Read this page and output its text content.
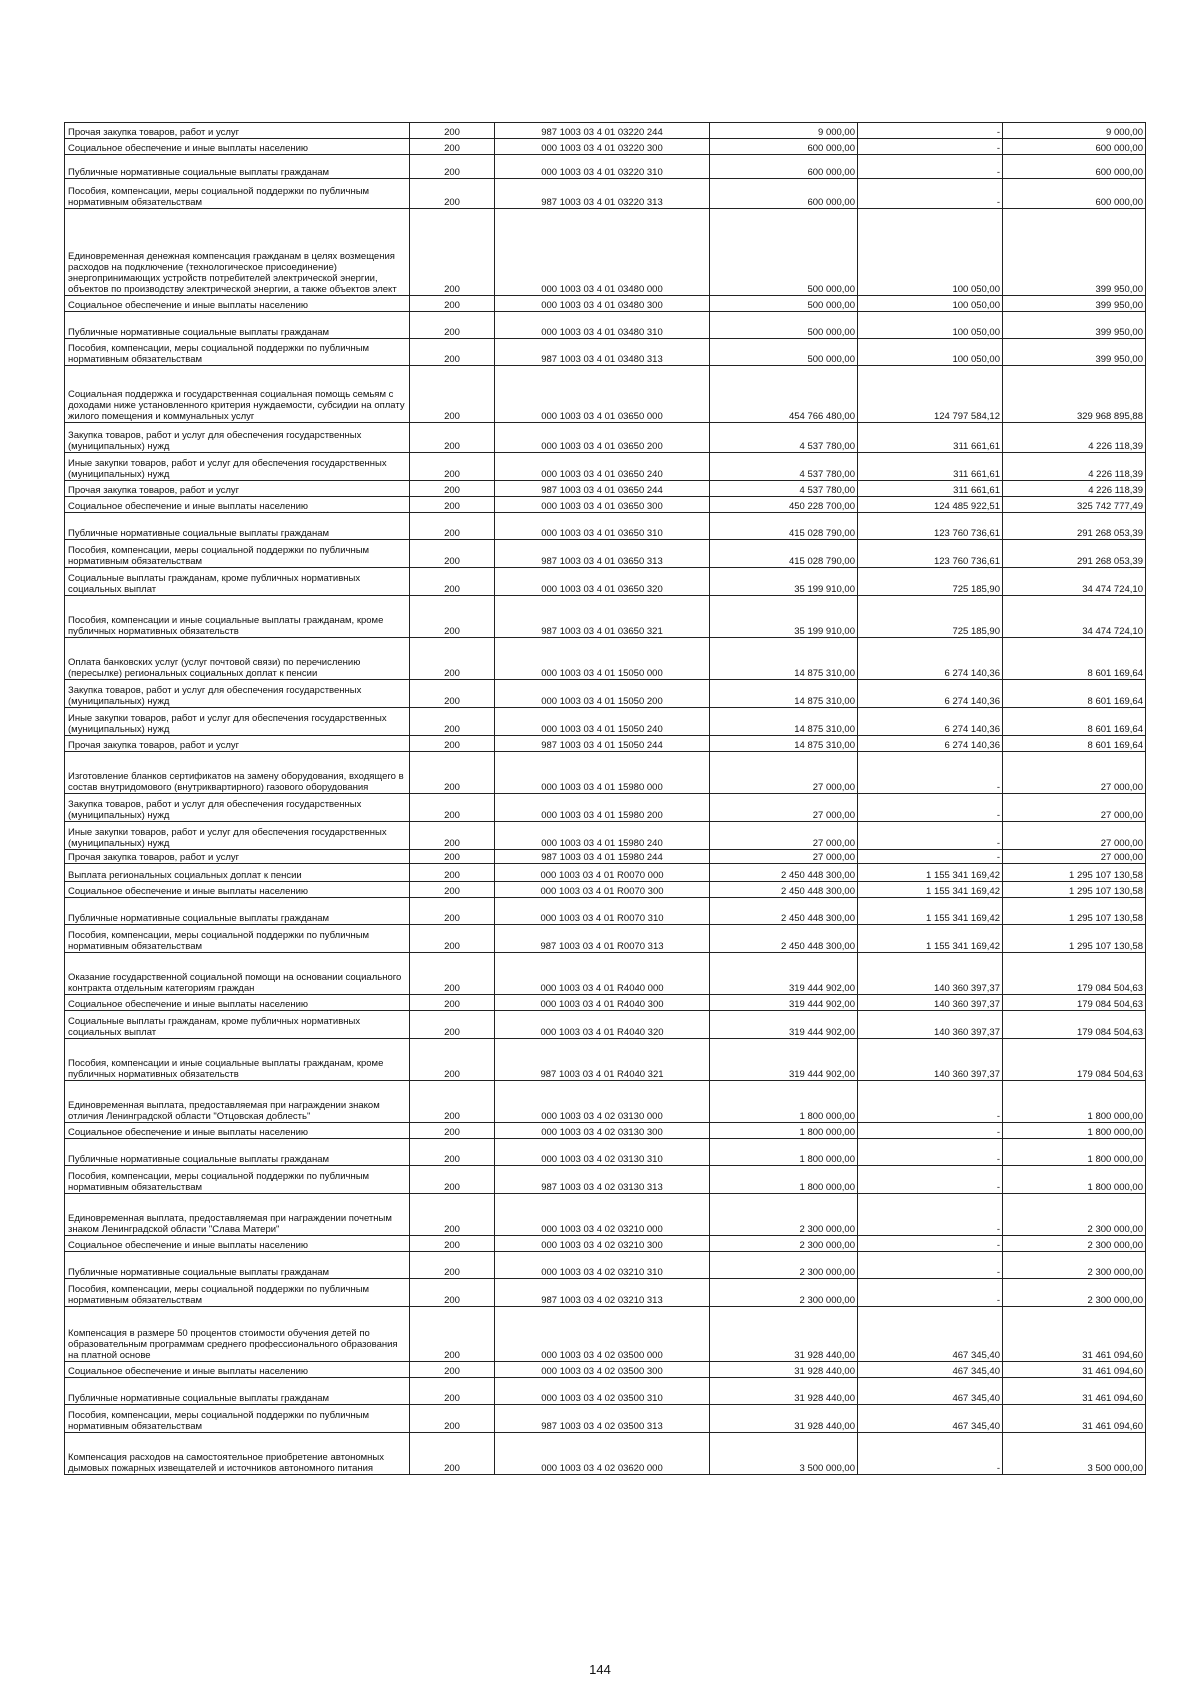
Прочая закупка товаров, работ и услуг	200	987 1003 03 4 01 03220 244	9 000,00	-	9 000,00
Социальное обеспечение и иные выплаты населению	200	000 1003 03 4 01 03220 300	600 000,00	-	600 000,00
Публичные нормативные социальные выплаты гражданам	200	000 1003 03 4 01 03220 310	600 000,00	-	600 000,00
Пособия, компенсации, меры социальной поддержки по публичным нормативным обязательствам	200	987 1003 03 4 01 03220 313	600 000,00	-	600 000,00
Единовременная денежная компенсация гражданам в целях возмещения расходов на подключение (технологическое присоединение) энергопринимающих устройств потребителей электрической энергии, объектов по производству электрической энергии, а также объектов элект	200	000 1003 03 4 01 03480 000	500 000,00	100 050,00	399 950,00
Социальное обеспечение и иные выплаты населению	200	000 1003 03 4 01 03480 300	500 000,00	100 050,00	399 950,00
Публичные нормативные социальные выплаты гражданам	200	000 1003 03 4 01 03480 310	500 000,00	100 050,00	399 950,00
Пособия, компенсации, меры социальной поддержки по публичным нормативным обязательствам	200	987 1003 03 4 01 03480 313	500 000,00	100 050,00	399 950,00
Социальная поддержка и государственная социальная помощь семьям с доходами ниже установленного критерия нуждаемости, субсидии на оплату жилого помещения и коммунальных услуг	200	000 1003 03 4 01 03650 000	454 766 480,00	124 797 584,12	329 968 895,88
Закупка товаров, работ и услуг для обеспечения государственных (муниципальных) нужд	200	000 1003 03 4 01 03650 200	4 537 780,00	311 661,61	4 226 118,39
Иные закупки товаров, работ и услуг для обеспечения государственных (муниципальных) нужд	200	000 1003 03 4 01 03650 240	4 537 780,00	311 661,61	4 226 118,39
Прочая закупка товаров, работ и услуг	200	987 1003 03 4 01 03650 244	4 537 780,00	311 661,61	4 226 118,39
Социальное обеспечение и иные выплаты населению	200	000 1003 03 4 01 03650 300	450 228 700,00	124 485 922,51	325 742 777,49
Публичные нормативные социальные выплаты гражданам	200	000 1003 03 4 01 03650 310	415 028 790,00	123 760 736,61	291 268 053,39
Пособия, компенсации, меры социальной поддержки по публичным нормативным обязательствам	200	987 1003 03 4 01 03650 313	415 028 790,00	123 760 736,61	291 268 053,39
Социальные выплаты гражданам, кроме публичных нормативных социальных выплат	200	000 1003 03 4 01 03650 320	35 199 910,00	725 185,90	34 474 724,10
Пособия, компенсации и иные социальные выплаты гражданам, кроме публичных нормативных обязательств	200	987 1003 03 4 01 03650 321	35 199 910,00	725 185,90	34 474 724,10
Оплата банковских услуг (услуг почтовой связи) по перечислению (пересылке) региональных социальных доплат к пенсии	200	000 1003 03 4 01 15050 000	14 875 310,00	6 274 140,36	8 601 169,64
Закупка товаров, работ и услуг для обеспечения государственных (муниципальных) нужд	200	000 1003 03 4 01 15050 200	14 875 310,00	6 274 140,36	8 601 169,64
Иные закупки товаров, работ и услуг для обеспечения государственных (муниципальных) нужд	200	000 1003 03 4 01 15050 240	14 875 310,00	6 274 140,36	8 601 169,64
Прочая закупка товаров, работ и услуг	200	987 1003 03 4 01 15050 244	14 875 310,00	6 274 140,36	8 601 169,64
Изготовление бланков сертификатов на замену оборудования, входящего в состав внутридомового (внутриквартирного) газового оборудования	200	000 1003 03 4 01 15980 000	27 000,00	-	27 000,00
Закупка товаров, работ и услуг для обеспечения государственных (муниципальных) нужд	200	000 1003 03 4 01 15980 200	27 000,00	-	27 000,00
Иные закупки товаров, работ и услуг для обеспечения государственных (муниципальных) нужд	200	000 1003 03 4 01 15980 240	27 000,00	-	27 000,00
Прочая закупка товаров, работ и услуг	200	987 1003 03 4 01 15980 244	27 000,00	-	27 000,00
Выплата региональных социальных доплат к пенсии	200	000 1003 03 4 01 R0070 000	2 450 448 300,00	1 155 341 169,42	1 295 107 130,58
Социальное обеспечение и иные выплаты населению	200	000 1003 03 4 01 R0070 300	2 450 448 300,00	1 155 341 169,42	1 295 107 130,58
Публичные нормативные социальные выплаты гражданам	200	000 1003 03 4 01 R0070 310	2 450 448 300,00	1 155 341 169,42	1 295 107 130,58
Пособия, компенсации, меры социальной поддержки по публичным нормативным обязательствам	200	987 1003 03 4 01 R0070 313	2 450 448 300,00	1 155 341 169,42	1 295 107 130,58
Оказание государственной социальной помощи на основании социального контракта отдельным категориям граждан	200	000 1003 03 4 01 R4040 000	319 444 902,00	140 360 397,37	179 084 504,63
Социальное обеспечение и иные выплаты населению	200	000 1003 03 4 01 R4040 300	319 444 902,00	140 360 397,37	179 084 504,63
Социальные выплаты гражданам, кроме публичных нормативных социальных выплат	200	000 1003 03 4 01 R4040 320	319 444 902,00	140 360 397,37	179 084 504,63
Пособия, компенсации и иные социальные выплаты гражданам, кроме публичных нормативных обязательств	200	987 1003 03 4 01 R4040 321	319 444 902,00	140 360 397,37	179 084 504,63
Единовременная выплата, предоставляемая при награждении знаком отличия Ленинградской области "Отцовская доблесть"	200	000 1003 03 4 02 03130 000	1 800 000,00	-	1 800 000,00
Социальное обеспечение и иные выплаты населению	200	000 1003 03 4 02 03130 300	1 800 000,00	-	1 800 000,00
Публичные нормативные социальные выплаты гражданам	200	000 1003 03 4 02 03130 310	1 800 000,00	-	1 800 000,00
Пособия, компенсации, меры социальной поддержки по публичным нормативным обязательствам	200	987 1003 03 4 02 03130 313	1 800 000,00	-	1 800 000,00
Единовременная выплата, предоставляемая при награждении почетным знаком Ленинградской области "Слава Матери"	200	000 1003 03 4 02 03210 000	2 300 000,00	-	2 300 000,00
Социальное обеспечение и иные выплаты населению	200	000 1003 03 4 02 03210 300	2 300 000,00	-	2 300 000,00
Публичные нормативные социальные выплаты гражданам	200	000 1003 03 4 02 03210 310	2 300 000,00	-	2 300 000,00
Пособия, компенсации, меры социальной поддержки по публичным нормативным обязательствам	200	987 1003 03 4 02 03210 313	2 300 000,00	-	2 300 000,00
Компенсация в размере 50 процентов стоимости обучения детей по образовательным программам среднего профессионального образования на платной основе	200	000 1003 03 4 02 03500 000	31 928 440,00	467 345,40	31 461 094,60
Социальное обеспечение и иные выплаты населению	200	000 1003 03 4 02 03500 300	31 928 440,00	467 345,40	31 461 094,60
Публичные нормативные социальные выплаты гражданам	200	000 1003 03 4 02 03500 310	31 928 440,00	467 345,40	31 461 094,60
Пособия, компенсации, меры социальной поддержки по публичным нормативным обязательствам	200	987 1003 03 4 02 03500 313	31 928 440,00	467 345,40	31 461 094,60
Компенсация расходов на самостоятельное приобретение автономных дымовых пожарных извещателей и источников автономного питания	200	000 1003 03 4 02 03620 000	3 500 000,00	-	3 500 000,00
144
